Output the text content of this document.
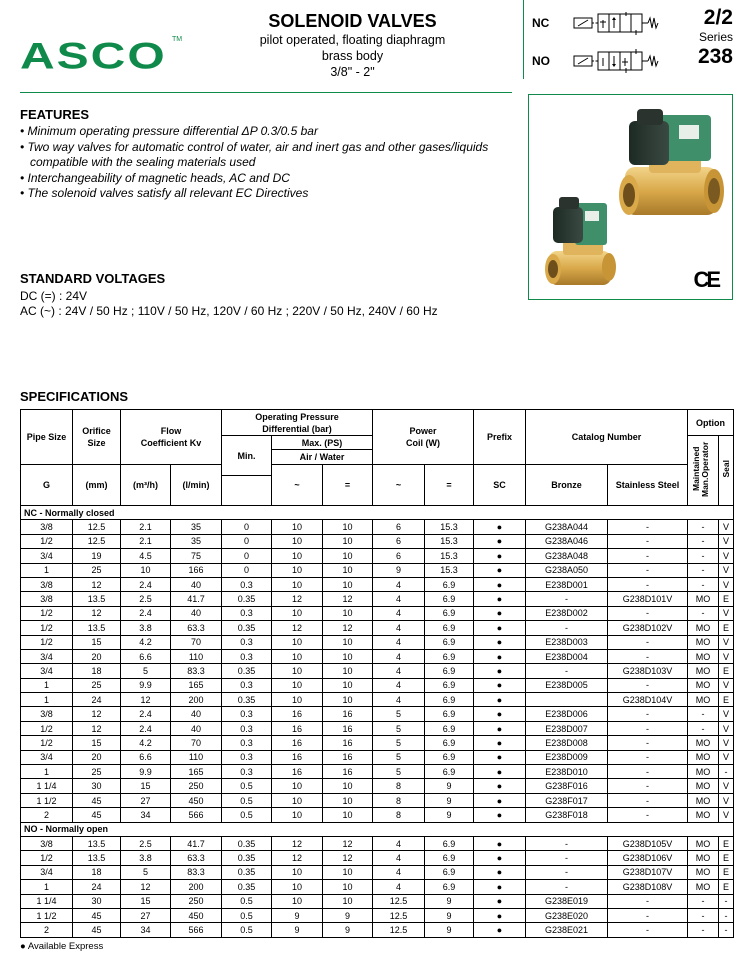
ASCO TM
SOLENOID VALVES
pilot operated, floating diaphragm
brass body
3/8" - 2"
NC
NO
2/2
Series
238
CE
FEATURES
• Minimum operating pressure differential ΔP 0.3/0.5 bar
• Two way valves for automatic control of water, air and inert gas and other gases/liquids compatible with the sealing materials used
• Interchangeability of magnetic heads, AC and DC
• The solenoid valves satisfy all relevant EC Directives
STANDARD VOLTAGES
DC (=) : 24V
AC (~) : 24V / 50 Hz ; 110V / 50 Hz, 120V / 60 Hz ; 220V / 50 Hz, 240V / 60 Hz
SPECIFICATIONS
Pipe Size	Orifice Size	Flow Coefficient Kv		Operating Pressure Differential (bar)			Power Coil (W)		Prefix	Catalog Number		Option	
				Min.	Max. (PS)							Maintained Man.Operator	Seal
					Air / Water								
G	(mm)	(m³/h)	(l/min)		~	=	~	=	SC	Bronze	Stainless Steel		

NC - Normally closed													
3/8	12.5	2.1	35	0	10	10	6	15.3	●	G238A044	-	-	V
1/2	12.5	2.1	35	0	10	10	6	15.3	●	G238A046	-	-	V
3/4	19	4.5	75	0	10	10	6	15.3	●	G238A048	-	-	V
1	25	10	166	0	10	10	9	15.3	●	G238A050	-	-	V
3/8	12	2.4	40	0.3	10	10	4	6.9	●	E238D001	-	-	V
3/8	13.5	2.5	41.7	0.35	12	12	4	6.9	●	-	G238D101V	MO	E
1/2	12	2.4	40	0.3	10	10	4	6.9	●	E238D002	-	-	V
1/2	13.5	3.8	63.3	0.35	12	12	4	6.9	●	-	G238D102V	MO	E
1/2	15	4.2	70	0.3	10	10	4	6.9	●	E238D003	-	MO	V
3/4	20	6.6	110	0.3	10	10	4	6.9	●	E238D004	-	MO	V
3/4	18	5	83.3	0.35	10	10	4	6.9	●	-	G238D103V	MO	E
1	25	9.9	165	0.3	10	10	4	6.9	●	E238D005	-	MO	V
1	24	12	200	0.35	10	10	4	6.9	●		G238D104V	MO	E
3/8	12	2.4	40	0.3	16	16	5	6.9	●	E238D006	-	-	V
1/2	12	2.4	40	0.3	16	16	5	6.9	●	E238D007	-	-	V
1/2	15	4.2	70	0.3	16	16	5	6.9	●	E238D008	-	MO	V
3/4	20	6.6	110	0.3	16	16	5	6.9	●	E238D009	-	MO	V
1	25	9.9	165	0.3	16	16	5	6.9	●	E238D010	-	MO	-
1 1/4	30	15	250	0.5	10	10	8	9	●	G238F016	-	MO	V
1 1/2	45	27	450	0.5	10	10	8	9	●	G238F017	-	MO	V
2	45	34	566	0.5	10	10	8	9	●	G238F018	-	MO	V
NO - Normally open													
3/8	13.5	2.5	41.7	0.35	12	12	4	6.9	●	-	G238D105V	MO	E
1/2	13.5	3.8	63.3	0.35	12	12	4	6.9	●	-	G238D106V	MO	E
3/4	18	5	83.3	0.35	10	10	4	6.9	●	-	G238D107V	MO	E
1	24	12	200	0.35	10	10	4	6.9	●	-	G238D108V	MO	E
1 1/4	30	15	250	0.5	10	10	12.5	9	●	G238E019	-	-	-
1 1/2	45	27	450	0.5	9	9	12.5	9	●	G238E020	-	-	-
2	45	34	566	0.5	9	9	12.5	9	●	G238E021	-	-	-
● Available Express
